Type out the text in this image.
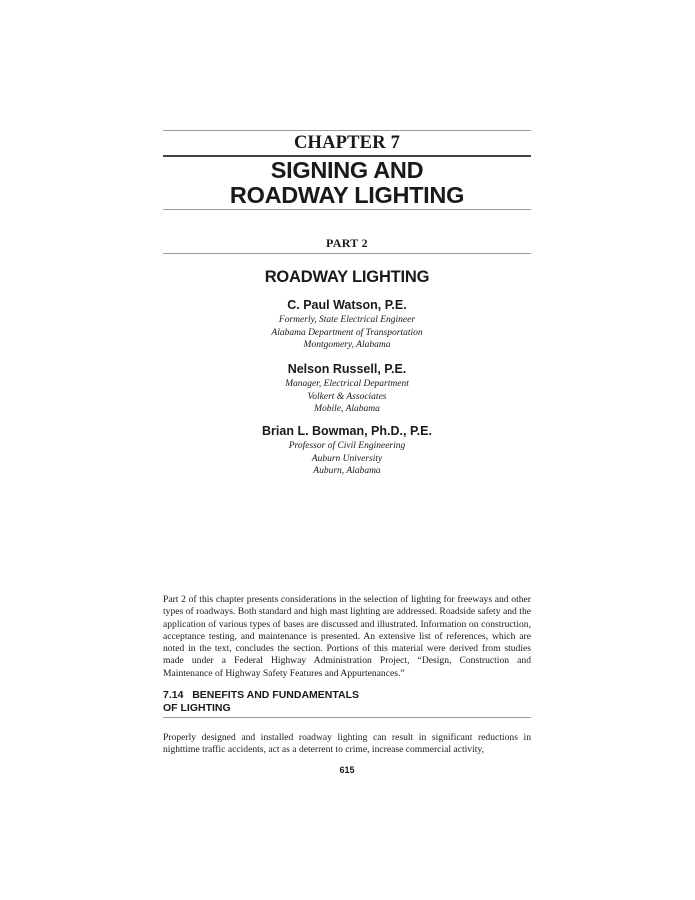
CHAPTER 7
SIGNING AND
ROADWAY LIGHTING
PART 2
ROADWAY LIGHTING
C. Paul Watson, P.E.
Formerly, State Electrical Engineer
Alabama Department of Transportation
Montgomery, Alabama
Nelson Russell, P.E.
Manager, Electrical Department
Volkert & Associates
Mobile, Alabama
Brian L. Bowman, Ph.D., P.E.
Professor of Civil Engineering
Auburn University
Auburn, Alabama
Part 2 of this chapter presents considerations in the selection of lighting for freeways and other types of roadways. Both standard and high mast lighting are addressed. Roadside safety and the application of various types of bases are discussed and illustrated. Information on construction, acceptance testing, and maintenance is presented. An extensive list of references, which are noted in the text, concludes the section. Portions of this material were derived from studies made under a Federal Highway Administration Project, “Design, Construction and Maintenance of Highway Safety Features and Appurtenances.”
7.14   BENEFITS AND FUNDAMENTALS
OF LIGHTING
Properly designed and installed roadway lighting can result in significant reductions in nighttime traffic accidents, act as a deterrent to crime, increase commercial activity,
615
